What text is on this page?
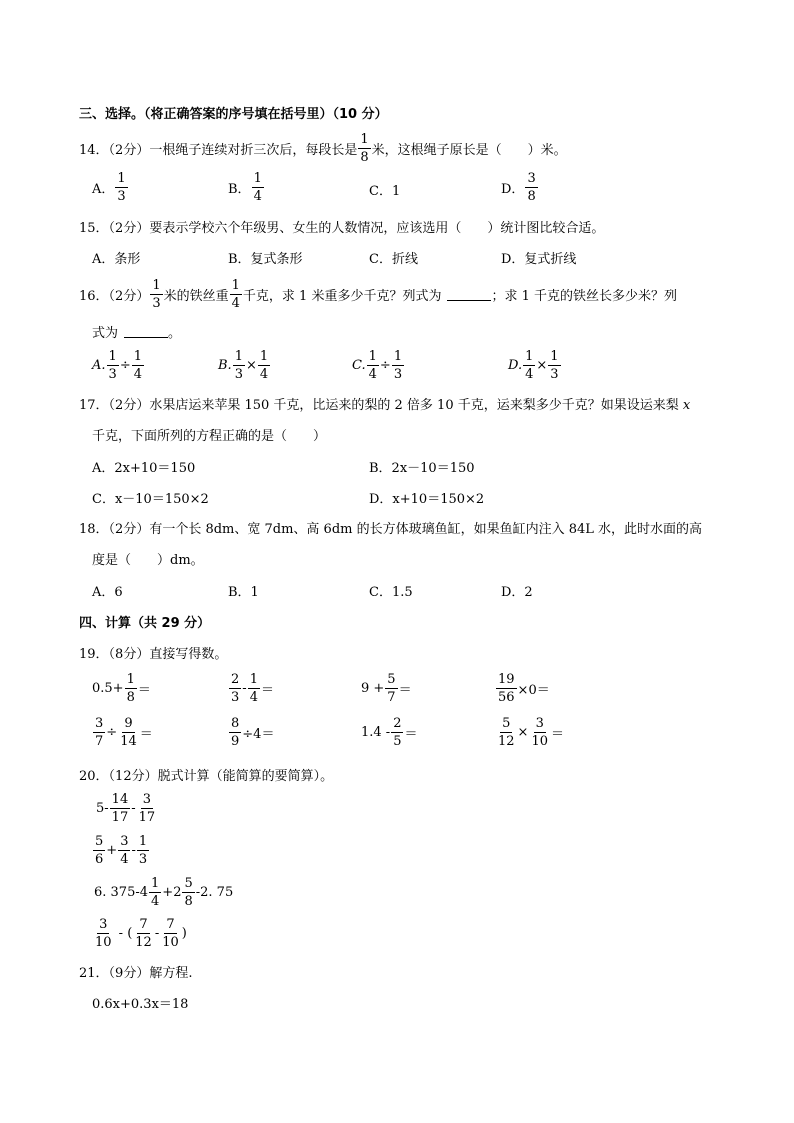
三、选择。（将正确答案的序号填在括号里）（10 分）
14．（2分）一根绳子连续对折三次后，每段长是 $\frac{1}{8}$ 米，这根绳子原长是（　　）米。
A． $\frac{1}{3}$	B． $\frac{1}{4}$	C．1	D． $\frac{3}{8}$
15．（2分）要表示学校六个年级男、女生的人数情况，应该选用（　　）统计图比较合适。
A．条形	B．复式条形	C．折线	D．复式折线
16．（2分） $\frac{1}{3}$ 米的铁丝重 $\frac{1}{4}$ 千克，求 1 米重多少千克？列式为	；求 1 千克的铁丝长多少米？列
式为	。
A. $\frac{1}{3} \div \frac{1}{4}$	B. $\frac{1}{3} \times \frac{1}{4}$	C. $\frac{1}{4} \div \frac{1}{3}$	D. $\frac{1}{4} \times \frac{1}{3}$
17．（2分）水果店运来苹果 150 千克，比运来的梨的 2 倍多 10 千克，运来梨多少千克？如果设运来梨 x
千克，下面所列的方程正确的是（　　）
A．2x+10＝150	B．2x－10＝150
C．x－10＝150×2	D．x+10＝150×2
18．（2分）有一个长 8dm、宽 7dm、高 6dm 的长方体玻璃鱼缸，如果鱼缸内注入 84L 水，此时水面的高
度是（　　）dm。
A．6	B．1	C．1.5	D．2
四、计算（共 29 分）
19．（8分）直接写得数。
$0.5+ \frac{1}{8}$ ＝	$\frac{2}{3} - \frac{1}{4}$ ＝	$9 + \frac{5}{7}$ ＝	$\frac{19}{56} \times 0=$
$\frac{3}{7} \div \frac{9}{14}$ ＝	$\frac{8}{9} \div 4=$	$1.4 - \frac{2}{5}$ ＝	$\frac{5}{12} \times \frac{3}{10}$ ＝
20．（12分）脱式计算（能简算的要简算）。
$5- \frac{14}{17} - \frac{3}{17}$
$\frac{5}{6} + \frac{3}{4} - \frac{1}{3}$
6. $375-4 \frac{1}{4} +2 \frac{5}{8} -2$. 75
$\frac{3}{10}$ - ( $\frac{7}{12} - \frac{7}{10}$ )
21．（9分）解方程.
0.6x+0.3x＝18
